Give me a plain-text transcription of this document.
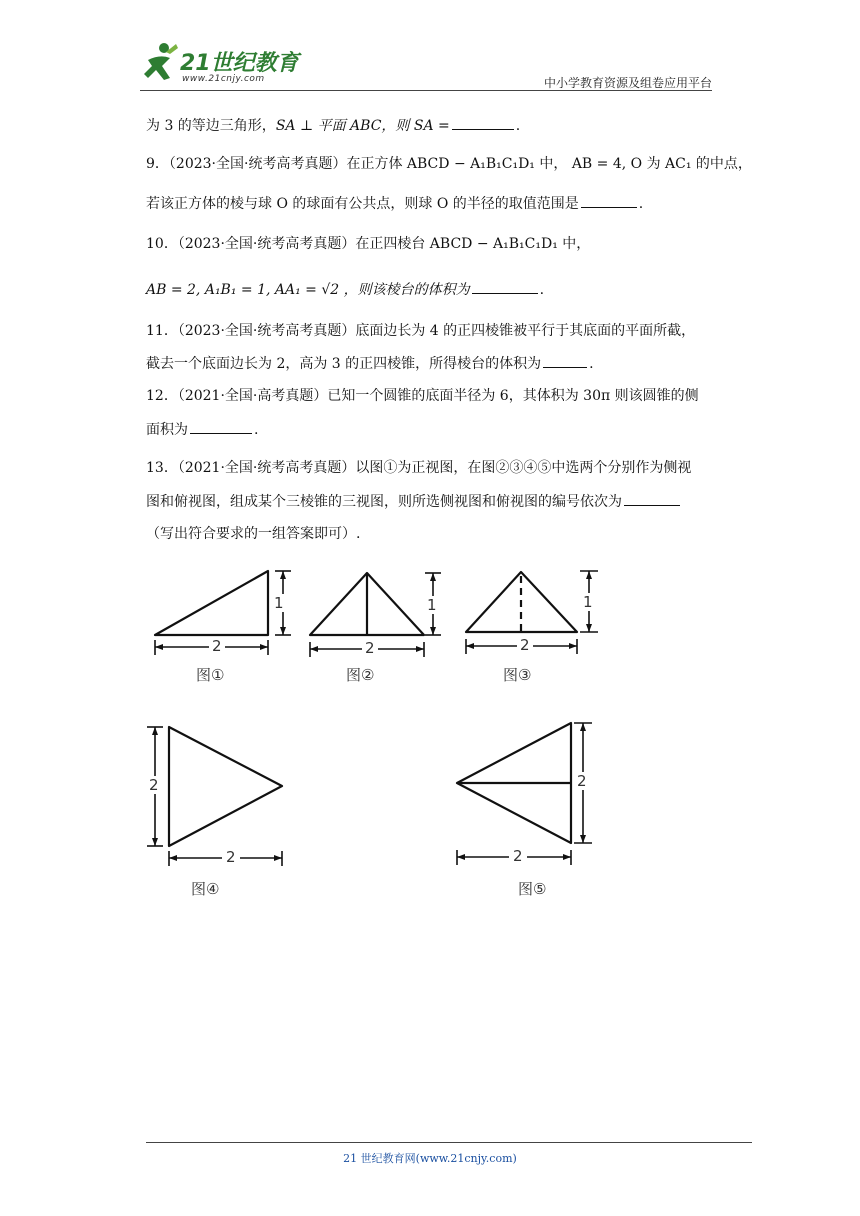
21世纪教育
www.21cnjy.com	中小学教育资源及组卷应用平台
为 3 的等边三角形，SA ⊥ 平面 ABC，则 SA =	.
9．（2023·全国·统考高考真题）在正方体 ABCD − A₁B₁C₁D₁ 中， AB = 4, O 为 AC₁ 的中点，
若该正方体的棱与球 O 的球面有公共点，则球 O 的半径的取值范围是	.
10．（2023·全国·统考高考真题）在正四棱台 ABCD − A₁B₁C₁D₁ 中，
AB = 2, A₁B₁ = 1, AA₁ = √2 ，则该棱台的体积为	.
11．（2023·全国·统考高考真题）底面边长为 4 的正四棱锥被平行于其底面的平面所截，
截去一个底面边长为 2，高为 3 的正四棱锥，所得棱台的体积为	.
12．（2021·全国·高考真题）已知一个圆锥的底面半径为 6，其体积为 30π 则该圆锥的侧
面积为	.
13．（2021·全国·统考高考真题）以图①为正视图，在图②③④⑤中选两个分别作为侧视
图和俯视图，组成某个三棱锥的三视图，则所选侧视图和俯视图的编号依次为
（写出符合要求的一组答案即可）.
2
1
图①
2
1
图②
2
1
图③
2
2
图④
2
2
图⑤
21 世纪教育网(www.21cnjy.com)
